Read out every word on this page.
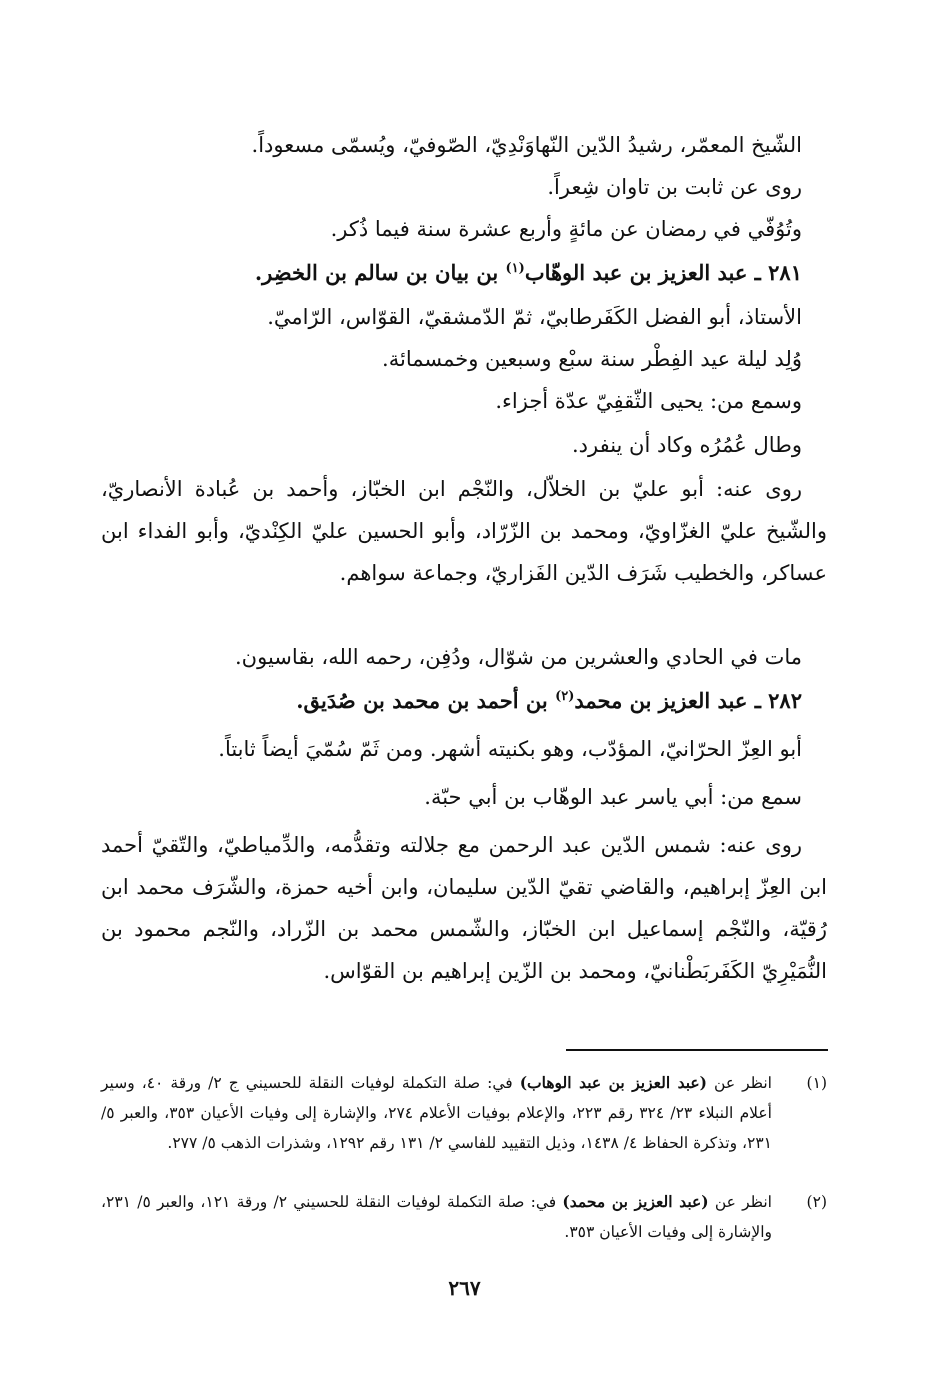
الشّيخ المعمّر، رشيدُ الدّين النّهاوَنْدِيّ، الصّوفيّ، ويُسمّى مسعوداً.
روى عن ثابت بن تاوان شِعراً.
وتُوُفّي في رمضان عن مائةٍ وأربع عشرة سنة فيما ذُكر.
٢٨١ ـ عبد العزيز بن عبد الوهّاب$^{(١)}$ بن بيان بن سالم بن الخضِر.
الأستاذ، أبو الفضل الكَفَرطابيّ، ثمّ الدّمشقيّ، القوّاس، الرّاميّ.
وُلِد ليلة عيد الفِطْر سنة سبْع وسبعين وخمسمائة.
وسمع من: يحيى الثّقفِيّ عدّة أجزاء.
وطال عُمُرُه وكاد أن ينفرد.
روى عنه: أبو عليّ بن الخلاّل، والنّجْم ابن الخبّاز، وأحمد بن عُبادة الأنصاريّ، والشّيخ عليّ الغزّاويّ، ومحمد بن الزّرّاد، وأبو الحسين عليّ الكِنْديّ، وأبو الفداء ابن عساكر، والخطيب شَرَف الدّين الفَزاريّ، وجماعة سواهم.
مات في الحادي والعشرين من شوّال، ودُفِن، رحمه الله، بقاسيون.
٢٨٢ ـ عبد العزيز بن محمد$^{(٢)}$ بن أحمد بن محمد بن صُدَيق.
أبو العِزّ الحرّانيّ، المؤدّب، وهو بكنيته أشهر. ومن ثَمّ سُمّيَ أيضاً ثابتاً.
سمع من: أبي ياسر عبد الوهّاب بن أبي حبّة.
روى عنه: شمس الدّين عبد الرحمن مع جلالته وتقدُّمه، والدِّمياطيّ، والتّقيّ أحمد ابن العِزّ إبراهيم، والقاضي تقيّ الدّين سليمان، وابن أخيه حمزة، والشّرَف محمد ابن رُقيّة، والنّجْم إسماعيل ابن الخبّاز، والشّمس محمد بن الزّراد، والنّجم محمود بن النُّمَيْرِيّ الكَفَربَطْنانيّ، ومحمد بن الزّين إبراهيم بن القوّاس.
(١)
انظر عن (عبد العزيز بن عبد الوهاب) في: صلة التكملة لوفيات النقلة للحسيني ج ٢/ ورقة ٤٠، وسير أعلام النبلاء ٢٣/ ٣٢٤ رقم ٢٢٣، والإعلام بوفيات الأعلام ٢٧٤، والإشارة إلى وفيات الأعيان ٣٥٣، والعبر ٥/ ٢٣١، وتذكرة الحفاظ ٤/ ١٤٣٨، وذيل التقييد للفاسي ٢/ ١٣١ رقم ١٢٩٢، وشذرات الذهب ٥/ ٢٧٧.
(٢)
انظر عن (عبد العزيز بن محمد) في: صلة التكملة لوفيات النقلة للحسيني ٢/ ورقة ١٢١، والعبر ٥/ ٢٣١، والإشارة إلى وفيات الأعيان ٣٥٣.
٢٦٧
